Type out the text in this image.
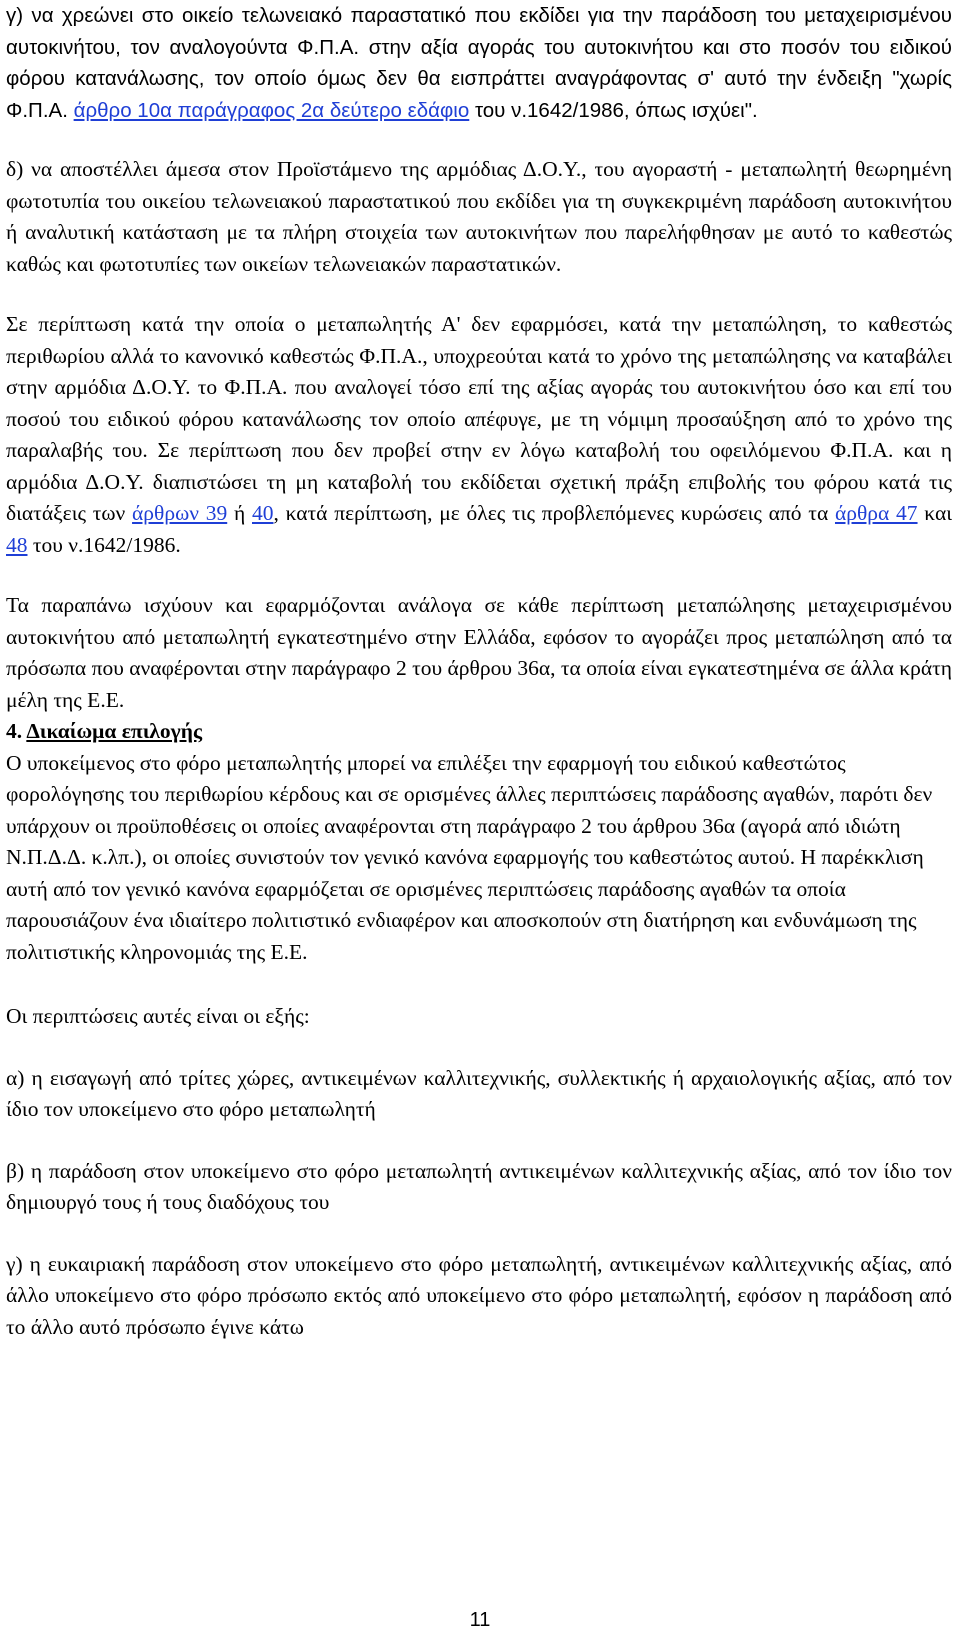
γ) να χρεώνει στο οικείο τελωνειακό παραστατικό που εκδίδει για την παράδοση του μεταχειρισμένου αυτοκινήτου, τον αναλογούντα Φ.Π.Α. στην αξία αγοράς του αυτοκινήτου και στο ποσόν του ειδικού φόρου κατανάλωσης, τον οποίο όμως δεν θα εισπράττει αναγράφοντας σ' αυτό την ένδειξη "χωρίς Φ.Π.Α. άρθρο 10α παράγραφος 2α δεύτερο εδάφιο του ν.1642/1986, όπως ισχύει".

δ) να αποστέλλει άμεσα στον Προϊστάμενο της αρμόδιας Δ.Ο.Υ., του αγοραστή - μεταπωλητή θεωρημένη φωτοτυπία του οικείου τελωνειακού παραστατικού που εκδίδει για τη συγκεκριμένη παράδοση αυτοκινήτου ή αναλυτική κατάσταση με τα πλήρη στοιχεία των αυτοκινήτων που παρελήφθησαν με αυτό το καθεστώς καθώς και φωτοτυπίες των οικείων τελωνειακών παραστατικών.

Σε περίπτωση κατά την οποία ο μεταπωλητής Α' δεν εφαρμόσει, κατά την μεταπώληση, το καθεστώς περιθωρίου αλλά το κανονικό καθεστώς Φ.Π.Α., υποχρεούται κατά το χρόνο της μεταπώλησης να καταβάλει στην αρμόδια Δ.Ο.Υ. το Φ.Π.Α. που αναλογεί τόσο επί της αξίας αγοράς του αυτοκινήτου όσο και επί του ποσού του ειδικού φόρου κατανάλωσης τον οποίο απέφυγε, με τη νόμιμη προσαύξηση από το χρόνο της παραλαβής του. Σε περίπτωση που δεν προβεί στην εν λόγω καταβολή του οφειλόμενου Φ.Π.Α. και η αρμόδια Δ.Ο.Υ. διαπιστώσει τη μη καταβολή του εκδίδεται σχετική πράξη επιβολής του φόρου κατά τις διατάξεις των άρθρων 39 ή 40, κατά περίπτωση, με όλες τις προβλεπόμενες κυρώσεις από τα άρθρα 47 και 48 του ν.1642/1986.

Τα παραπάνω ισχύουν και εφαρμόζονται ανάλογα σε κάθε περίπτωση μεταπώλησης μεταχειρισμένου αυτοκινήτου από μεταπωλητή εγκατεστημένο στην Ελλάδα, εφόσον το αγοράζει προς μεταπώληση από τα πρόσωπα που αναφέρονται στην παράγραφο 2 του άρθρου 36α, τα οποία είναι εγκατεστημένα σε άλλα κράτη μέλη της Ε.Ε.

4. Δικαίωμα επιλογής

Ο υποκείμενος στο φόρο μεταπωλητής μπορεί να επιλέξει την εφαρμογή του ειδικού καθεστώτος φορολόγησης του περιθωρίου κέρδους και σε ορισμένες άλλες περιπτώσεις παράδοσης αγαθών, παρότι δεν υπάρχουν οι προϋποθέσεις οι οποίες αναφέρονται στη παράγραφο 2 του άρθρου 36α (αγορά από ιδιώτη Ν.Π.Δ.Δ. κ.λπ.), οι οποίες συνιστούν τον γενικό κανόνα εφαρμογής του καθεστώτος αυτού. Η παρέκκλιση αυτή από τον γενικό κανόνα εφαρμόζεται σε ορισμένες περιπτώσεις παράδοσης αγαθών τα οποία παρουσιάζουν ένα ιδιαίτερο πολιτιστικό ενδιαφέρον και αποσκοπούν στη διατήρηση και ενδυνάμωση της πολιτιστικής κληρονομιάς της Ε.Ε.

Οι περιπτώσεις αυτές είναι οι εξής:

α) η εισαγωγή από τρίτες χώρες, αντικειμένων καλλιτεχνικής, συλλεκτικής ή αρχαιολογικής αξίας, από τον ίδιο τον υποκείμενο στο φόρο μεταπωλητή

β) η παράδοση στον υποκείμενο στο φόρο μεταπωλητή αντικειμένων καλλιτεχνικής αξίας, από τον ίδιο τον δημιουργό τους ή τους διαδόχους του

γ) η ευκαιριακή παράδοση στον υποκείμενο στο φόρο μεταπωλητή, αντικειμένων καλλιτεχνικής αξίας, από άλλο υποκείμενο στο φόρο πρόσωπο εκτός από υποκείμενο στο φόρο μεταπωλητή, εφόσον η παράδοση από το άλλο αυτό πρόσωπο έγινε κάτω

11
